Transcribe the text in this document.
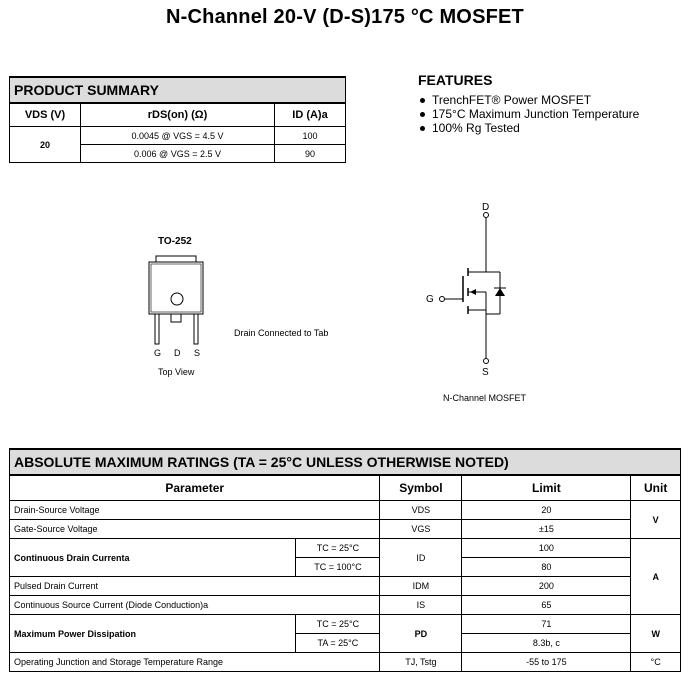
N-Channel 20-V (D-S)175 °C MOSFET
PRODUCT SUMMARY		
VDS (V)	rDS(on) (Ω)	ID (A)a
20	0.0045 @ VGS = 4.5 V	100
	0.006 @ VGS = 2.5 V	90
FEATURES
TrenchFET® Power MOSFET
175°C Maximum Junction Temperature
100% Rg Tested
TO-252
G D S
Top View
Drain Connected to Tab
D
G
S
N-Channel MOSFET
ABSOLUTE MAXIMUM RATINGS (TA = 25°C UNLESS OTHERWISE NOTED)				
Parameter		Symbol	Limit	Unit
Drain-Source Voltage		VDS	20	V
Gate-Source Voltage		VGS	±15	
Continuous Drain Currenta	TC = 25°C	ID	100	A
	TC = 100°C		80	
Pulsed Drain Current		IDM	200	
Continuous Source Current (Diode Conduction)a		IS	65	
Maximum Power Dissipation	TC = 25°C	PD	71	W
	TA = 25°C		8.3b, c	
Operating Junction and Storage Temperature Range		TJ, Tstg	-55 to 175	°C
